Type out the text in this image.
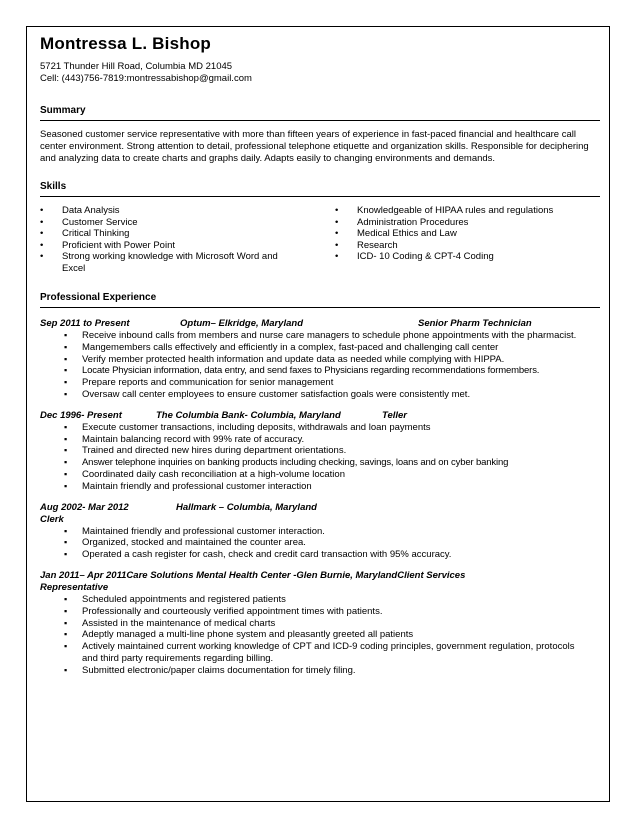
Montressa L. Bishop
5721 Thunder Hill Road, Columbia MD 21045
Cell: (443)756-7819:montressabishop@gmail.com
Summary
Seasoned customer service representative with more than fifteen years of experience in fast-paced financial and healthcare call center environment. Strong attention to detail, professional telephone etiquette and organization skills. Responsible for deciphering and analyzing data to create charts and graphs daily. Adapts easily to changing environments and demands.
Skills
• Data Analysis
• Customer Service
• Critical Thinking
• Proficient with Power Point
• Strong working knowledge with Microsoft Word and Excel
• Knowledgeable of HIPAA rules and regulations
• Administration Procedures
• Medical Ethics and Law
• Research
• ICD- 10 Coding & CPT-4 Coding
Professional Experience
Sep 2011 to Present	Optum– Elkridge, Maryland	Senior Pharm Technician
▪ Receive inbound calls from members and nurse care managers to schedule phone appointments with the pharmacist.
▪ Mangemembers calls effectively and efficiently in a complex, fast-paced and challenging call center
▪ Verify member protected health information and update data as needed while complying with HIPPA.
▪ Locate Physician information, data entry, and send faxes to Physicians regarding recommendations formembers.
▪ Prepare reports and communication for senior management
▪ Oversaw call center employees to ensure customer satisfaction goals were consistently met.
Dec 1996- Present	The Columbia Bank- Columbia, Maryland	Teller
▪ Execute customer transactions, including deposits, withdrawals and loan payments
▪ Maintain balancing record with 99% rate of accuracy.
▪ Trained and directed new hires during department orientations.
▪ Answer telephone inquiries on banking products including checking, savings, loans and on cyber banking
▪ Coordinated daily cash reconciliation at a high-volume location
▪ Maintain friendly and professional customer interaction
Aug 2002- Mar 2012	Hallmark – Columbia, Maryland
Clerk
▪ Maintained friendly and professional customer interaction.
▪ Organized, stocked and maintained the counter area.
▪ Operated a cash register for cash, check and credit card transaction with 95% accuracy.
Jan 2011– Apr 2011Care Solutions Mental Health Center -Glen Burnie, MarylandClient Services Representative
▪ Scheduled appointments and registered patients
▪ Professionally and courteously verified appointment times with patients.
▪ Assisted in the maintenance of medical charts
▪ Adeptly managed a multi-line phone system and pleasantly greeted all patients
▪ Actively maintained current working knowledge of CPT and ICD-9 coding principles, government regulation, protocols and third party requirements regarding billing.
▪ Submitted electronic/paper claims documentation for timely filing.
